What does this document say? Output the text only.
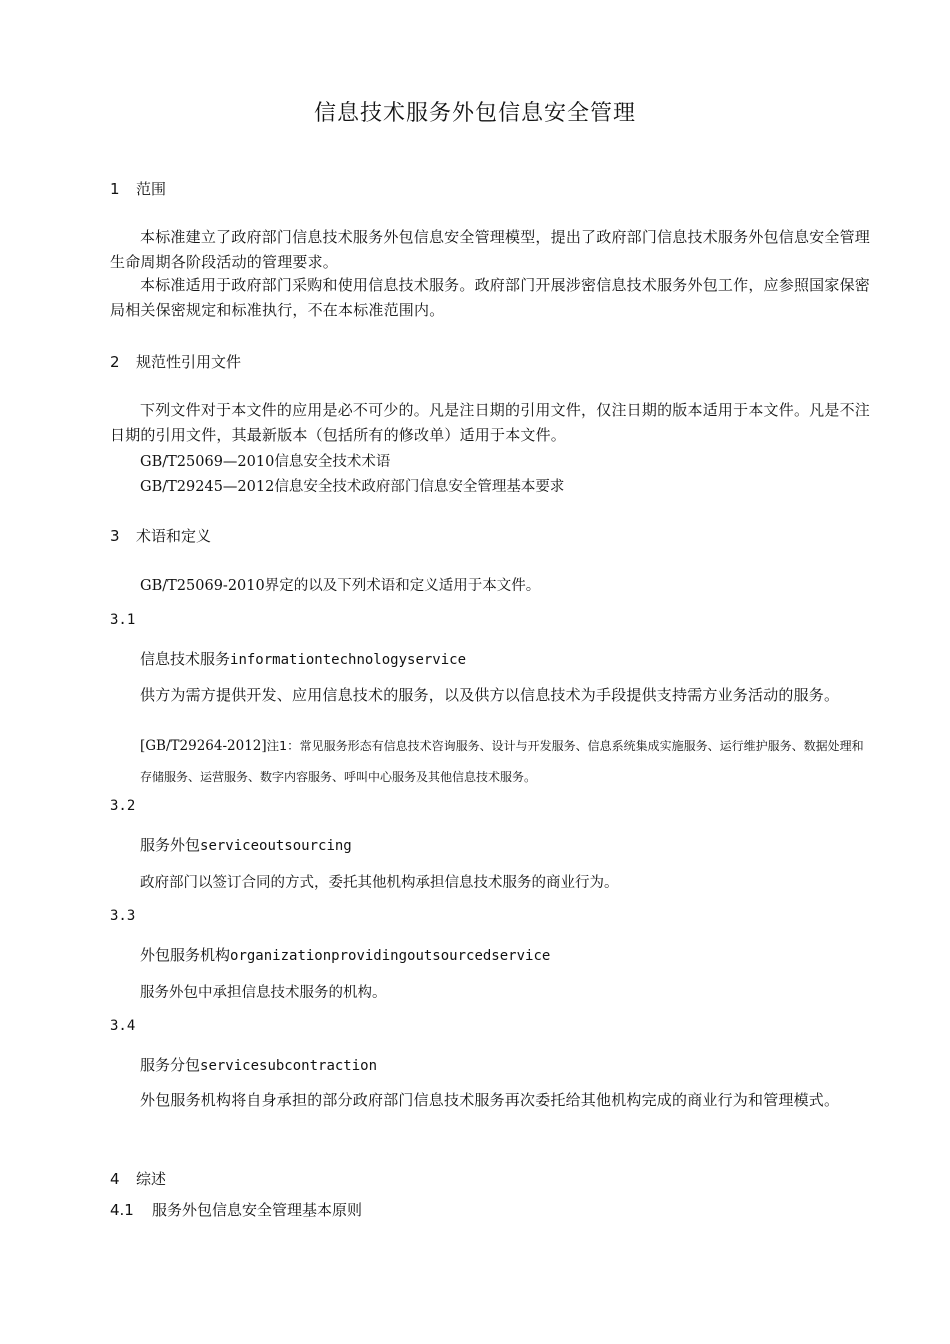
信息技术服务外包信息安全管理
1 范围
本标准建立了政府部门信息技术服务外包信息安全管理模型，提出了政府部门信息技术服务外包信息安全管理生命周期各阶段活动的管理要求。
本标准适用于政府部门采购和使用信息技术服务。政府部门开展涉密信息技术服务外包工作，应参照国家保密局相关保密规定和标准执行，不在本标准范围内。
2 规范性引用文件
下列文件对于本文件的应用是必不可少的。凡是注日期的引用文件，仅注日期的版本适用于本文件。凡是不注日期的引用文件，其最新版本（包括所有的修改单）适用于本文件。
GB/T25069—2010信息安全技术术语
GB/T29245—2012信息安全技术政府部门信息安全管理基本要求
3 术语和定义
GB/T25069-2010界定的以及下列术语和定义适用于本文件。
3.1
信息技术服务informationtechnologyservice
供方为需方提供开发、应用信息技术的服务，以及供方以信息技术为手段提供支持需方业务活动的服务。
[GB/T29264-2012]注1：常见服务形态有信息技术咨询服务、设计与开发服务、信息系统集成实施服务、运行维护服务、数据处理和存储服务、运营服务、数字内容服务、呼叫中心服务及其他信息技术服务。
3.2
服务外包serviceoutsourcing
政府部门以签订合同的方式，委托其他机构承担信息技术服务的商业行为。
3.3
外包服务机构organizationprovidingoutsourcedservice
服务外包中承担信息技术服务的机构。
3.4
服务分包servicesubcontraction
外包服务机构将自身承担的部分政府部门信息技术服务再次委托给其他机构完成的商业行为和管理模式。
4 综述
4.1 服务外包信息安全管理基本原则
